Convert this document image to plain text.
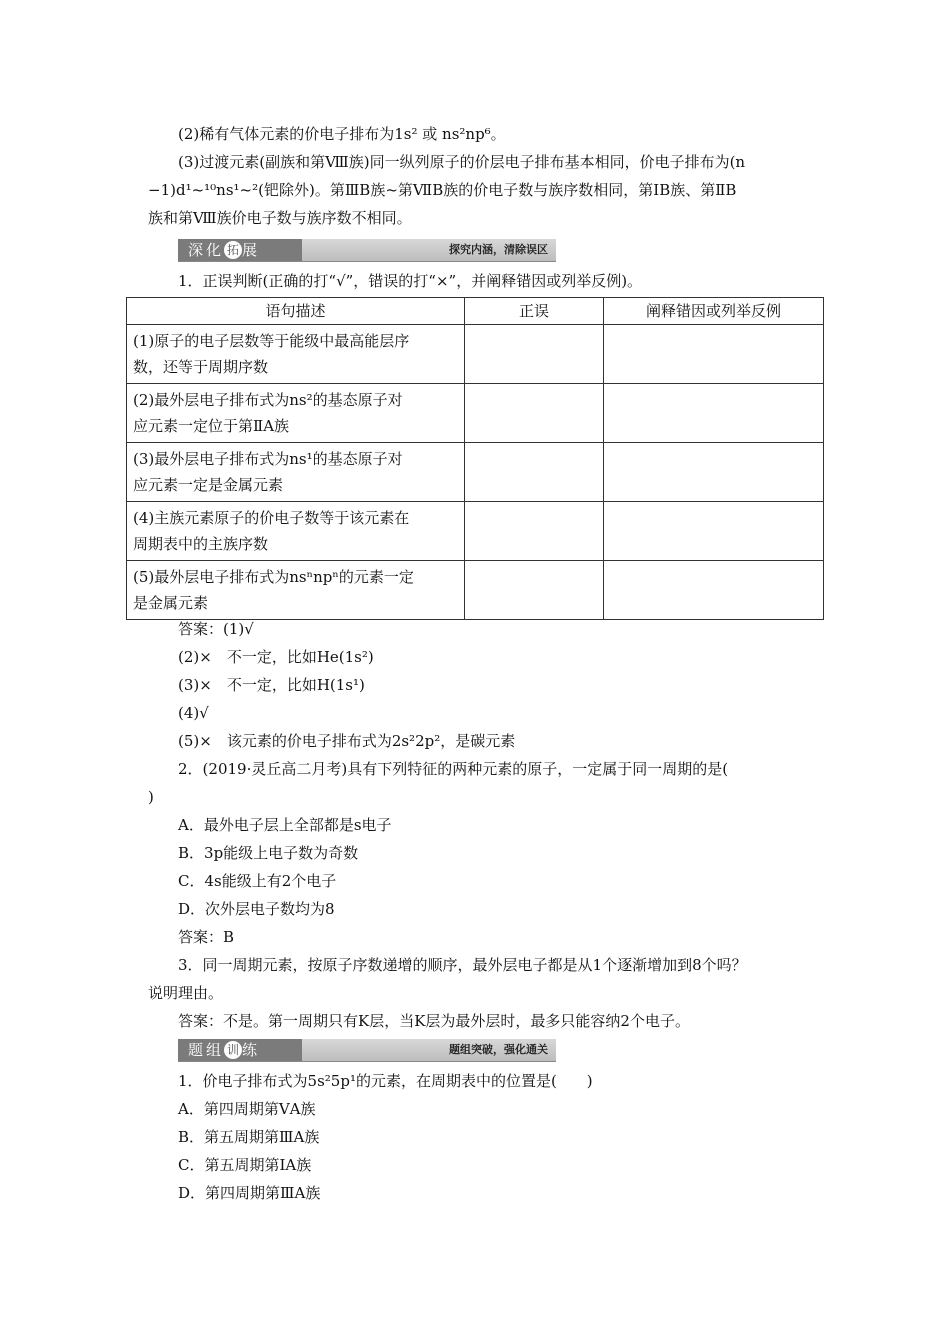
(2)稀有气体元素的价电子排布为1s² 或 ns²np⁶。
(3)过渡元素(副族和第Ⅷ族)同一纵列原子的价层电子排布基本相同，价电子排布为(n
−1)d¹~¹⁰ns¹~²(钯除外)。第ⅢB族~第ⅦB族的价电子数与族序数相同，第ⅠB族、第ⅡB
族和第Ⅷ族价电子数与族序数不相同。
深化 拓 展	探究内涵，清除误区
1．正误判断(正确的打“√”，错误的打“×”，并阐释错因或列举反例)。
语句描述	正误	阐释错因或列举反例

(1)原子的电子层数等于能级中最高能层序
数，还等于周期序数		

(2)最外层电子排布式为ns²的基态原子对
应元素一定位于第ⅡA族		

(3)最外层电子排布式为ns¹的基态原子对
应元素一定是金属元素		

(4)主族元素原子的价电子数等于该元素在
周期表中的主族序数		

(5)最外层电子排布式为nsⁿnpⁿ的元素一定
是金属元素		

答案：(1)√
(2)×　不一定，比如He(1s²)
(3)×　不一定，比如H(1s¹)
(4)√
(5)×　该元素的价电子排布式为2s²2p²，是碳元素
2．(2019·灵丘高二月考)具有下列特征的两种元素的原子，一定属于同一周期的是(
)
A．最外电子层上全部都是s电子
B．3p能级上电子数为奇数
C．4s能级上有2个电子
D．次外层电子数均为8
答案：B
3．同一周期元素，按原子序数递增的顺序，最外层电子都是从1个逐渐增加到8个吗？
说明理由。
答案：不是。第一周期只有K层，当K层为最外层时，最多只能容纳2个电子。
题组 训 练	题组突破，强化通关
1．价电子排布式为5s²5p¹的元素，在周期表中的位置是(　　)
A．第四周期第ⅤA族
B．第五周期第ⅢA族
C．第五周期第ⅠA族
D．第四周期第ⅢA族
